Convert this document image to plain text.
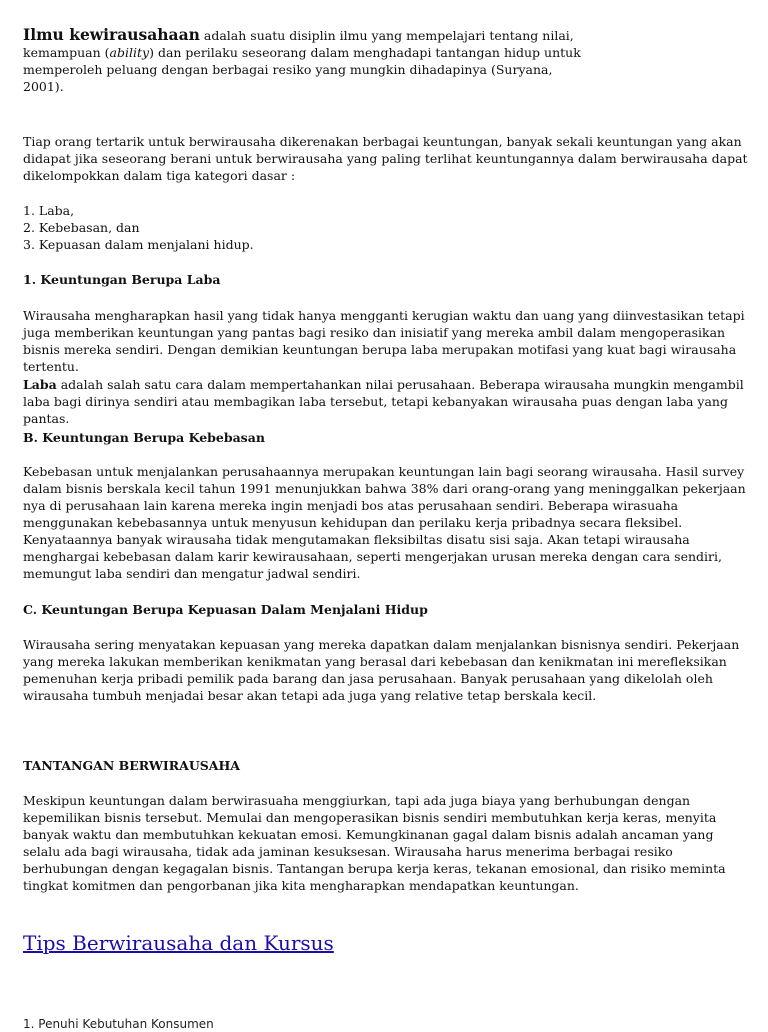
Ilmu kewirausahaan adalah suatu disiplin ilmu yang mempelajari tentang nilai,
kemampuan (ability) dan perilaku seseorang dalam menghadapi tantangan hidup untuk
memperoleh peluang dengan berbagai resiko yang mungkin dihadapinya (Suryana, 2001).

Tiap orang tertarik untuk berwirausaha dikerenakan berbagai keuntungan, banyak sekali keuntungan yang akan didapat jika seseorang berani untuk berwirausaha yang paling terlihat keuntungannya dalam berwirausaha dapat dikelompokkan dalam tiga kategori dasar :

1. Laba,
2. Kebebasan, dan
3. Kepuasan dalam menjalani hidup.

1. Keuntungan Berupa Laba

Wirausaha mengharapkan hasil yang tidak hanya mengganti kerugian waktu dan uang yang diinvestasikan tetapi juga memberikan keuntungan yang pantas bagi resiko dan inisiatif yang mereka ambil dalam mengoperasikan bisnis mereka sendiri. Dengan demikian keuntungan berupa laba merupakan motifasi yang kuat bagi wirausaha tertentu.

Laba adalah salah satu cara dalam mempertahankan nilai perusahaan. Beberapa wirausaha mungkin mengambil laba bagi dirinya sendiri atau membagikan laba tersebut, tetapi kebanyakan wirausaha puas dengan laba yang pantas.

B. Keuntungan Berupa Kebebasan

Kebebasan untuk menjalankan perusahaannya merupakan keuntungan lain bagi seorang wirausaha. Hasil survey dalam bisnis berskala kecil tahun 1991 menunjukkan bahwa 38% dari orang-orang yang meninggalkan pekerjaan nya di perusahaan lain karena mereka ingin menjadi bos atas perusahaan sendiri. Beberapa wirasuaha menggunakan kebebasannya untuk menyusun kehidupan dan perilaku kerja pribadnya secara fleksibel. Kenyataannya banyak wirausaha tidak mengutamakan fleksibiltas disatu sisi saja. Akan tetapi wirausaha menghargai kebebasan dalam karir kewirausahaan, seperti mengerjakan urusan mereka dengan cara sendiri, memungut laba sendiri dan mengatur jadwal sendiri.

C. Keuntungan Berupa Kepuasan Dalam Menjalani Hidup

Wirausaha sering menyatakan kepuasan yang mereka dapatkan dalam menjalankan bisnisnya sendiri. Pekerjaan yang mereka lakukan memberikan kenikmatan yang berasal dari kebebasan dan kenikmatan ini merefleksikan pemenuhan kerja pribadi pemilik pada barang dan jasa perusahaan. Banyak perusahaan yang dikelolah oleh wirausaha tumbuh menjadai besar akan tetapi ada juga yang relative tetap berskala kecil.

TANTANGAN BERWIRAUSAHA

Meskipun keuntungan dalam berwirasuaha menggiurkan, tapi ada juga biaya yang berhubungan dengan kepemilikan bisnis tersebut. Memulai dan mengoperasikan bisnis sendiri membutuhkan kerja keras, menyita banyak waktu dan membutuhkan kekuatan emosi. Kemungkinanan gagal dalam bisnis adalah ancaman yang selalu ada bagi wirausaha, tidak ada jaminan kesuksesan. Wirausaha harus menerima berbagai resiko berhubungan dengan kegagalan bisnis. Tantangan berupa kerja keras, tekanan emosional, dan risiko meminta tingkat komitmen dan pengorbanan jika kita mengharapkan mendapatkan keuntungan.

Tips Berwirausaha dan Kursus
1. Penuhi Kebutuhan Konsumen
